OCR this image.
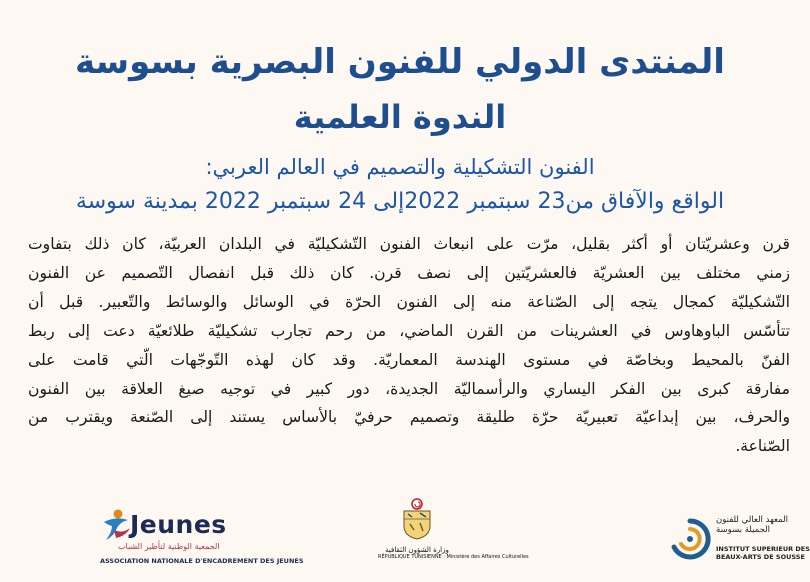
المنتدى الدولي للفنون البصرية بسوسة
الندوة العلمية
الفنون التشكيلية والتصميم في العالم العربي:
الواقع والآفاق من23 سبتمبر 2022إلى 24 سبتمبر 2022 بمدينة سوسة
قرن وعشريّتان أو أكثر بقليل، مرّت على انبعاث الفنون التّشكيليّة في البلدان العربيّة، كان ذلك بتفاوت
زمني مختلف بين العشريّة فالعشريّتين إلى نصف قرن. كان ذلك قبل انفصال التّصميم عن الفنون
التّشكيليّة كمجال يتجه إلى الصّناعة منه إلى الفنون الحرّة في الوسائل والوسائط والتّعبير. قبل أن
تتأسّس الباوهاوس في العشرينات من القرن الماضي، من رحم تجارب تشكيليّة طلائعيّة دعت إلى ربط
الفنّ بالمحيط وبخاصّة في مستوى الهندسة المعماريّة. وقد كان لهذه التّوجّهات الّتي قامت على
مفارقة كبرى بين الفكر اليساري والرأسماليّة الجديدة، دور كبير في توجيه صيغ العلاقة بين الفنون
والحرف، بين إبداعيّة تعبيريّة حرّة طليقة وتصميم حرفيّ بالأساس يستند إلى الصّنعة ويقترب من
الصّناعة.
Jeunes
الجمعية الوطنية لتأطير الشباب
ASSOCIATION NATIONALE D'ENCADREMENT DES JEUNES
وزارة الشؤون الثقافية
RÉPUBLIQUE TUNISIENNE · Ministère des Affaires Culturelles
المعهد العالي للفنون
الجميلة بسوسة
INSTITUT SUPERIEUR DES
BEAUX-ARTS DE SOUSSE
